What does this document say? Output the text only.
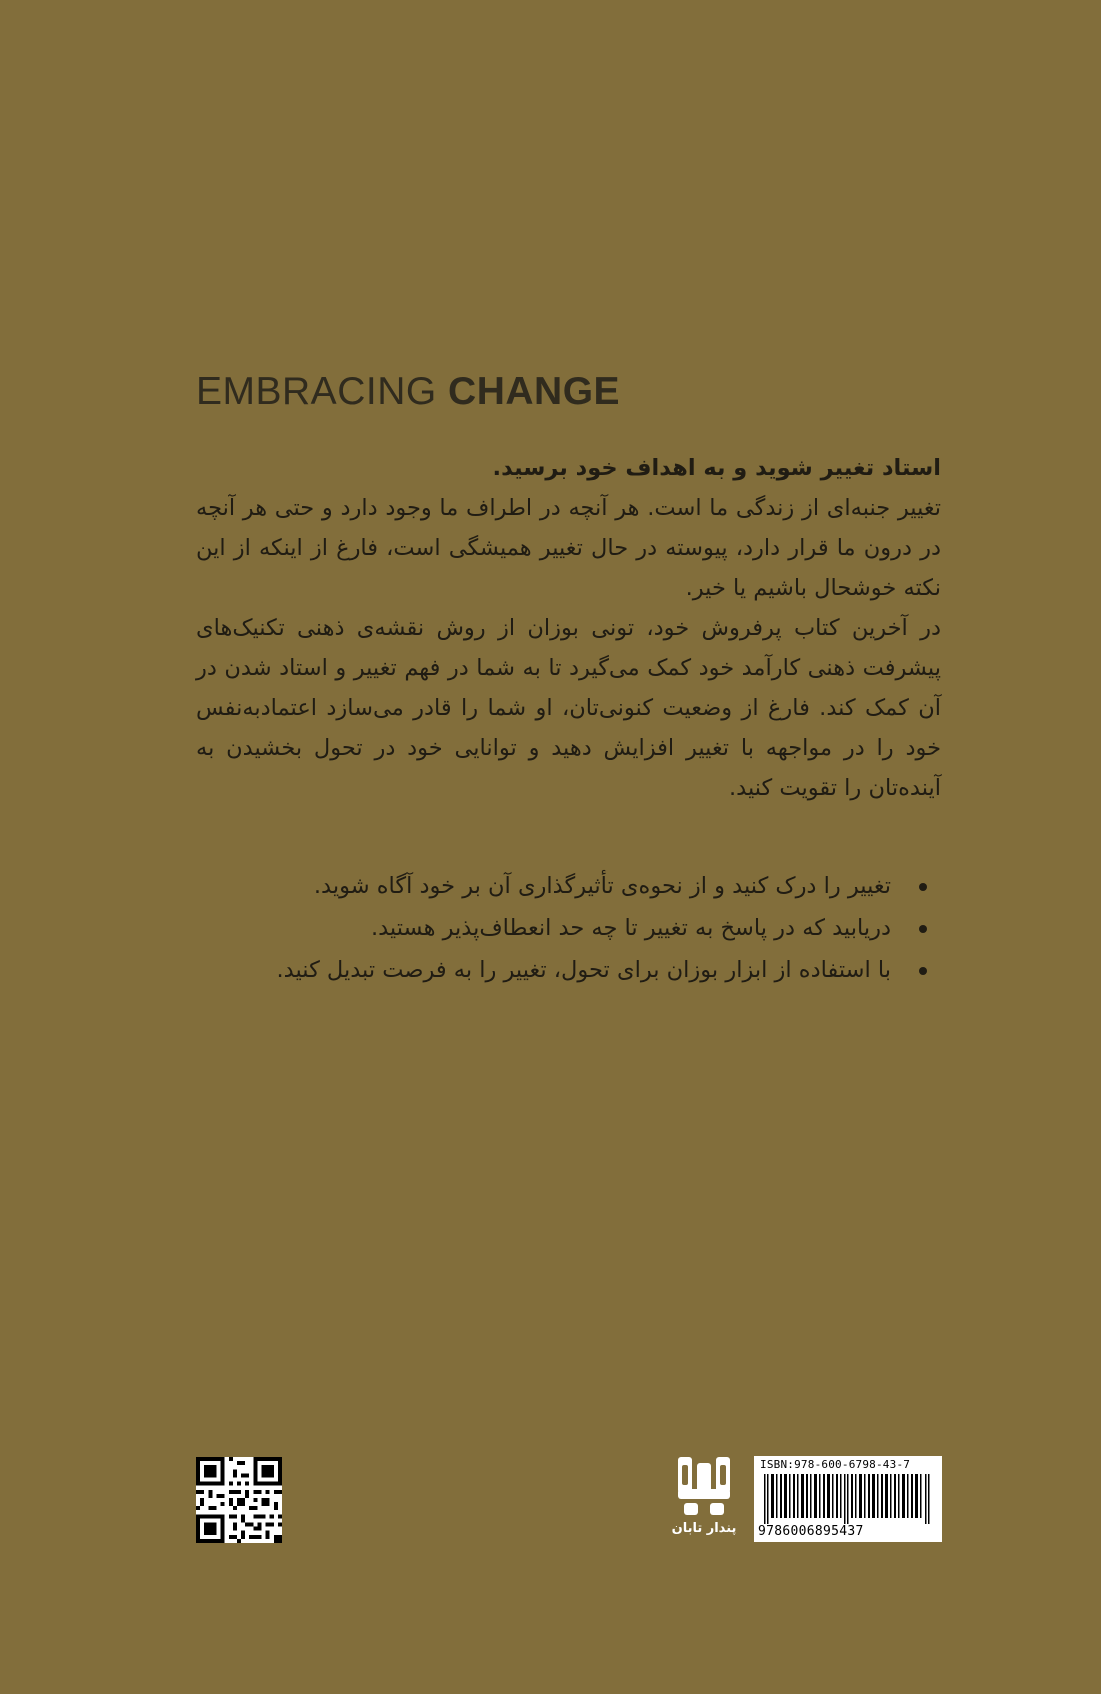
EMBRACING CHANGE

استاد تغییر شوید و به اهداف خود برسید.

تغییر جنبه‌ای از زندگی ما است. هر آنچه در اطراف ما وجود دارد و حتی هر آنچه در درون ما قرار دارد، پیوسته در حال تغییر همیشگی است، فارغ از اینکه از این نکته خوشحال باشیم یا خیر.

در آخرین کتاب پرفروش خود، تونی بوزان از روش نقشه‌ی ذهنی تکنیک‌های پیشرفت ذهنی کارآمد خود کمک می‌گیرد تا به شما در فهم تغییر و استاد شدن در آن کمک کند. فارغ از وضعیت کنونی‌تان، او شما را قادر می‌سازد اعتمادبه‌نفس خود را در مواجهه با تغییر افزایش دهید و توانایی خود در تحول بخشیدن به آینده‌تان را تقویت کنید.

تغییر را درک کنید و از نحوه‌ی تأثیرگذاری آن بر خود آگاه شوید.
دریابید که در پاسخ به تغییر تا چه حد انعطاف‌پذیر هستید.
با استفاده از ابزار بوزان برای تحول، تغییر را به فرصت تبدیل کنید.
پندار تابان
ISBN:978-600-6798-43-7
9786006895437
